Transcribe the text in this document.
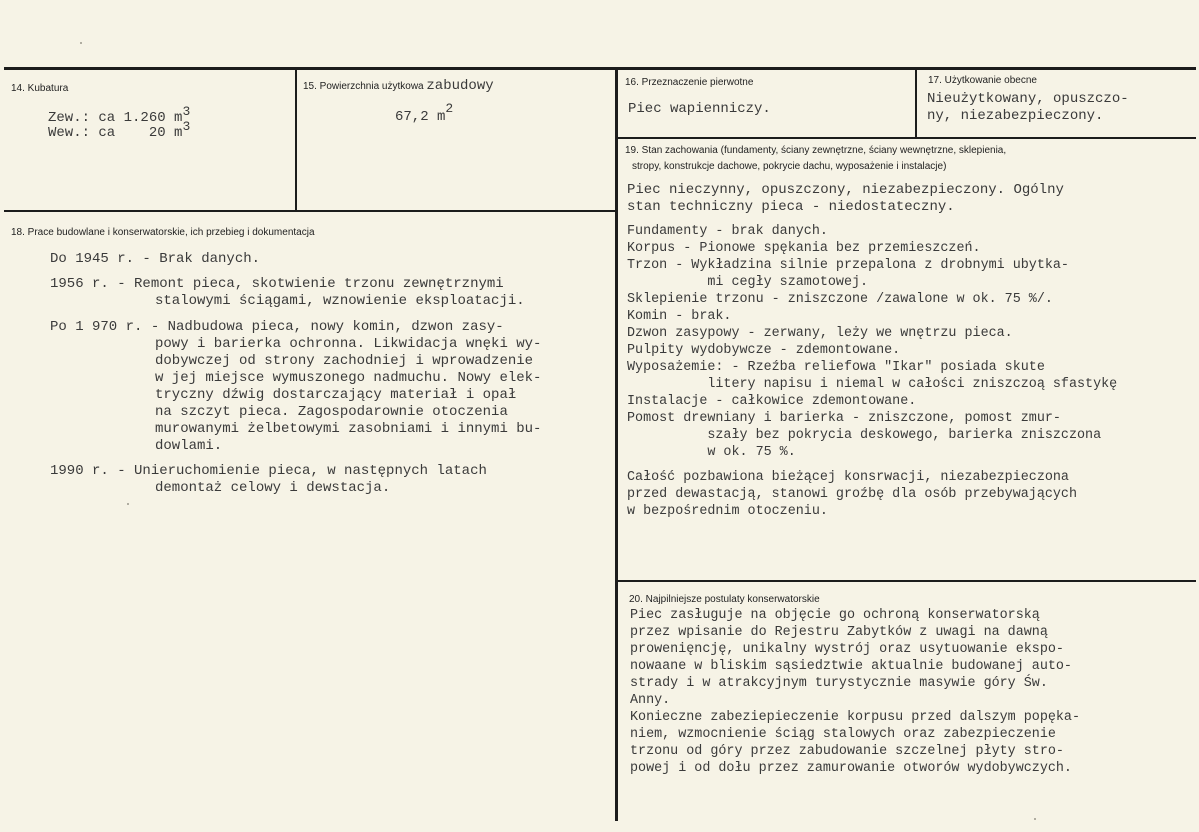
14. Kubatura
Zew.: ca 1.260 $m^3$
Wew.: ca 20 $m^3$
15. Powierzchnia użytkowa zabudowy
67,2 $m^2$
16. Przeznaczenie pierwotne
Piec wapienniczy.
17. Użytkowanie obecne
Nieużytkowany, opuszczo-
ny, niezabezpieczony.
18. Prace budowlane i konserwatorskie, ich przebieg i dokumentacja
Do 1945 r. - Brak danych.
1956 r. - Remont pieca, skotwienie trzonu zewnętrznymi
stalowymi ściągami, wznowienie eksploatacji.
Po 1 970 r. - Nadbudowa pieca, nowy komin, dzwon zasy-
powy i barierka ochronna. Likwidacja wnęki wy-
dobywczej od strony zachodniej i wprowadzenie
w jej miejsce wymuszonego nadmuchu. Nowy elek-
tryczny dźwig dostarczający materiał i opał
na szczyt pieca. Zagospodarownie otoczenia
murowanymi żelbetowymi zasobniami i innymi bu-
dowlami.
1990 r. - Unieruchomienie pieca, w następnych latach
demontaż celowy i dewstacja.
19. Stan zachowania (fundamenty, ściany zewnętrzne, ściany wewnętrzne, sklepienia,
stropy, konstrukcje dachowe, pokrycie dachu, wyposażenie i instalacje)
Piec nieczynny, opuszczony, niezabezpieczony. Ogólny
stan techniczny pieca - niedostateczny.
Fundamenty - brak danych.
Korpus - Pionowe spękania bez przemieszczeń.
Trzon - Wykładzina silnie przepalona z drobnymi ubytka-
mi cegły szamotowej.
Sklepienie trzonu - zniszczone /zawalone w ok. 75 %/.
Komin - brak.
Dzwon zasypowy - zerwany, leży we wnętrzu pieca.
Pulpity wydobywcze - zdemontowane.
Wyposażemie: - Rzeźba reliefowa "Ikar" posiada skute
litery napisu i niemal w całości zniszczoą sfastykę
Instalacje - całkowice zdemontowane.
Pomost drewniany i barierka - zniszczone, pomost zmur-
szały bez pokrycia deskowego, barierka zniszczona
w ok. 75 %.
Całość pozbawiona bieżącej konsrwacji, niezabezpieczona
przed dewastacją, stanowi groźbę dla osób przebywających
w bezpośrednim otoczeniu.
20. Najpilniejsze postulaty konserwatorskie
Piec zasługuje na objęcie go ochroną konserwatorską
przez wpisanie do Rejestru Zabytków z uwagi na dawną
prowenięncję, unikalny wystrój oraz usytuowanie ekspo-
nowaane w bliskim sąsiedztwie aktualnie budowanej auto-
strady i w atrakcyjnym turystycznie masywie góry Św.
Anny.
Konieczne zabeziepieczenie korpusu przed dalszym popęka-
niem, wzmocnienie ściąg stalowych oraz zabezpieczenie
trzonu od góry przez zabudowanie szczelnej płyty stro-
powej i od dołu przez zamurowanie otworów wydobywczych.
